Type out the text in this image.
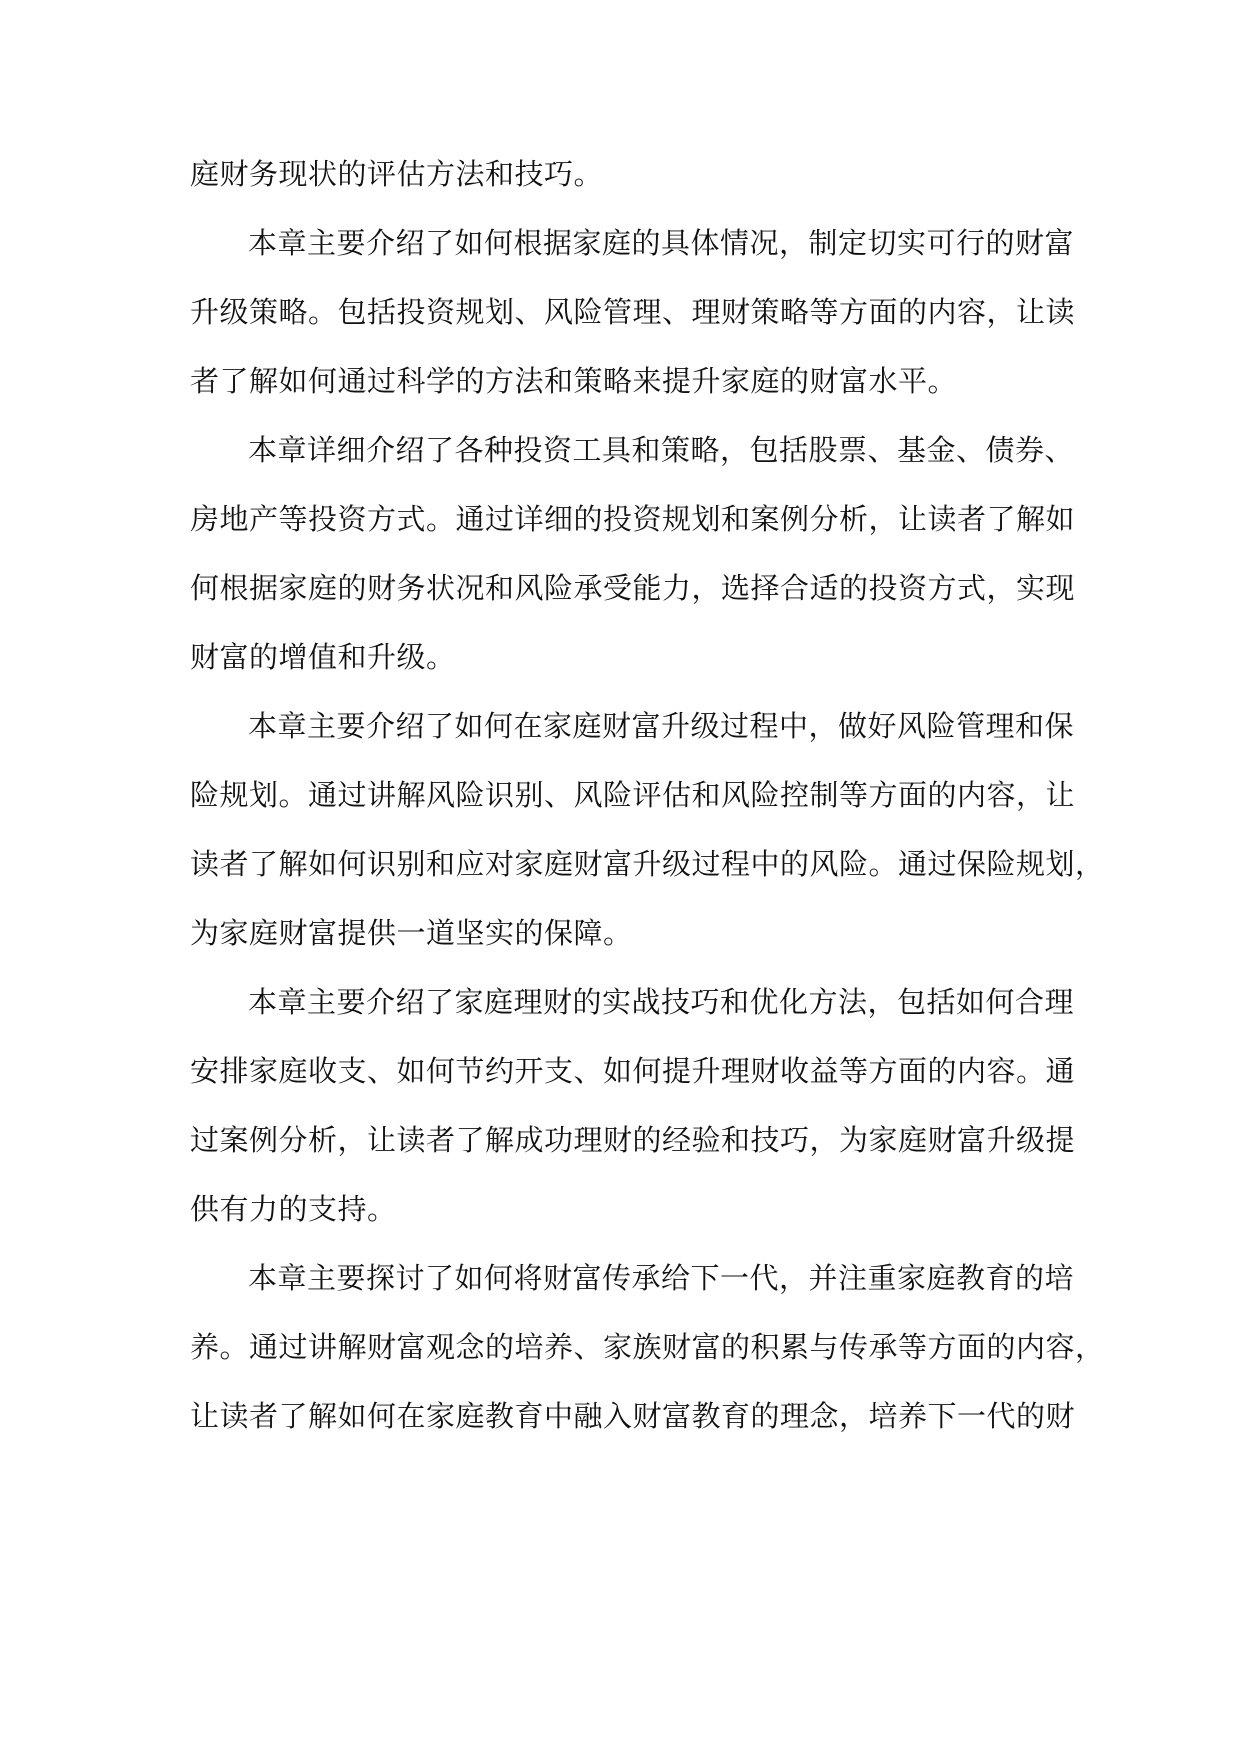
庭财务现状的评估方法和技巧。
本章主要介绍了如何根据家庭的具体情况，制定切实可行的财富
升级策略。包括投资规划、风险管理、理财策略等方面的内容，让读
者了解如何通过科学的方法和策略来提升家庭的财富水平。
本章详细介绍了各种投资工具和策略，包括股票、基金、债券、
房地产等投资方式。通过详细的投资规划和案例分析，让读者了解如
何根据家庭的财务状况和风险承受能力，选择合适的投资方式，实现
财富的增值和升级。
本章主要介绍了如何在家庭财富升级过程中，做好风险管理和保
险规划。通过讲解风险识别、风险评估和风险控制等方面的内容，让
读者了解如何识别和应对家庭财富升级过程中的风险。通过保险规划，
为家庭财富提供一道坚实的保障。
本章主要介绍了家庭理财的实战技巧和优化方法，包括如何合理
安排家庭收支、如何节约开支、如何提升理财收益等方面的内容。通
过案例分析，让读者了解成功理财的经验和技巧，为家庭财富升级提
供有力的支持。
本章主要探讨了如何将财富传承给下一代，并注重家庭教育的培
养。通过讲解财富观念的培养、家族财富的积累与传承等方面的内容，
让读者了解如何在家庭教育中融入财富教育的理念，培养下一代的财
